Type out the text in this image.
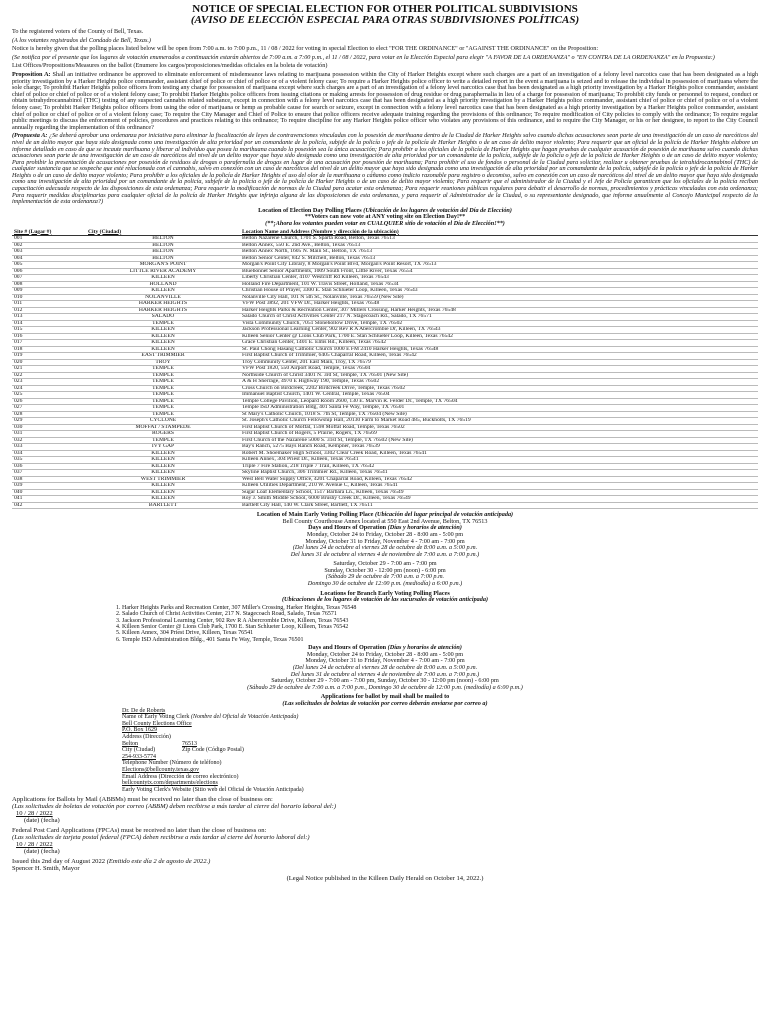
NOTICE OF SPECIAL ELECTION FOR OTHER POLITICAL SUBDIVISIONS
(AVISO DE ELECCIÓN ESPECIAL PARA OTRAS SUBDIVISIONES POLÍTICAS)

To the registered voters of the County of Bell, Texas.

(A los votantes registrados del Condado de Bell, Texas.)

Notice is hereby given that the polling places listed below will be open from 7:00 a.m. to 7:00 p.m., 11 / 08 / 2022 for voting in special Election to elect "FOR THE ORDINANCE" or "AGAINST THE ORDINANCE" on the Proposition:

(Se notifica por el presente que los lugares de votación enumerados a continuación estarán abiertos de 7:00 a.m. a 7:00 p.m., el 11 / 08 / 2022, para votar en la Elección Especial para elegir "A FAVOR DE LA ORDENANZA" o "EN CONTRA DE LA ORDENANZA" en la Propuesta:)

List Offices/Propositions/Measures on the ballot (Enumere los cargos/proposiciones/medidas oficiales en la boleta de votación)

Proposition A: Shall an initiative ordinance be approved to eliminate enforcement of misdemeanor laws relating to marijuana possession within the City of Harker Heights except where such charges are a part of an investigation of a felony level narcotics case that has been designated as a high priority investigation by a Harker Heights police commander, assistant chief of police or chief of police or of a violent felony case; To require a Harker Heights police officer to write a detailed report in the event a marijuana is seized and to release the individual in possession of marijuana where the sole charge; To prohibit Harker Heights police officers from testing any charge for possession of marijuana except where such charges are a part of an investigation of a felony level narcotics case that has been designated as a high priority investigation by a Harker Heights police commander, assistant chief of police or chief of police or of a violent felony case; To prohibit Harker Heights police officers from issuing citations or making arrests for possession of drug residue or drug paraphernalia in lieu of a charge for possession of marijuana; To prohibit city funds or personnel to request, conduct or obtain tetrahydrocannabinol (THC) testing of any suspected cannabis related substance, except in connection with a felony level narcotics case that has been designated as a high priority investigation by a Harker Heights police commander, assistant chief of police or chief of police or of a violent felony case; To prohibit Harker Heights police officers from using the odor of marijuana or hemp as probable cause for search or seizure, except in connection with a felony level narcotics case that has been designated as a high priority investigation by a Harker Heights police commander, assistant chief of police or chief of police or of a violent felony case; To require the City Manager and Chief of Police to ensure that police officers receive adequate training regarding the provisions of this ordinance; To require modification of City policies to comply with the ordinance; To require regular public meetings to discuss the enforcement of policies, procedures and practices relating to this ordinance; To require discipline for any Harker Heights police officer who violates any provisions of this ordinance, and to require the City Manager, or his or her designee, to report to the City Council annually regarding the implementation of this ordinance?

(Propuesta A: ¿Se deberá aprobar una ordenanza por iniciativa para eliminar la fiscalización de leyes de contravenciones vinculadas con la posesión de marihuana dentro de la Ciudad de Harker Heights salvo cuando dichas acusaciones sean parte de una investigación de un caso de narcóticos del nivel de un delito mayor que haya sido designada como una investigación de alta prioridad por un comandante de la policía, subjefe de la policía o jefe de la policía de Harker Heights o de un caso de delito mayor violento; Para requerir que un oficial de la policía de Harker Heights elabore un informe detallado en caso de que se incaute marihuana y liberar al individuo que posea la marihuana cuando la posesión sea la única acusación; Para prohibir a los oficiales de la policía de Harker Heights que hagan pruebas de cualquier acusación de posesión de marihuana salvo cuando dichas acusaciones sean parte de una investigación de un caso de narcóticos del nivel de un delito mayor que haya sido designada como una investigación de alta prioridad por un comandante de la policía, subjefe de la policía o jefe de la policía de Harker Heights o de un caso de delito mayor violento; Para prohibir la presentación de acusaciones por posesión de residuos de drogas o parafernalia de drogas en lugar de una acusación por posesión de marihuana; Para prohibir el uso de fondos o personal de la Ciudad para solicitar, realizar u obtener pruebas de tetrahidrocannabinol (THC) de cualquier sustancia que se sospeche que esté relacionada con el cannabis, salvo en conexión con un caso de narcóticos del nivel de un delito mayor que haya sido designada como una investigación de alta prioridad por un comandante de la policía, subjefe de la policía o jefe de la policía de Harker Heights o de un caso de delito mayor violento; Para prohibir a los oficiales de la policía de Harker Heights el uso del olor de la marihuana o cáñamo como indicio razonable para registro o decomiso, salvo en conexión con un caso de narcóticos del nivel de un delito mayor que haya sido designada como una investigación de alta prioridad por un comandante de la policía, subjefe de la policía o jefe de la policía de Harker Heights o de un caso de delito mayor violento; Para requerir que el administrador de la Ciudad y el Jefe de Policía garanticen que los oficiales de la policía reciban capacitación adecuada respecto de las disposiciones de esta ordenanza; Para requerir la modificación de normas de la Ciudad para acatar esta ordenanza; Para requerir reuniones públicas regulares para debatir el desarrollo de normas, procedimientos y prácticas vinculadas con esta ordenanza; Para requerir medidas disciplinarias para cualquier oficial de la policía de Harker Heights que infrinja alguna de las disposiciones de esta ordenanza, y para requerir al Administrador de la Ciudad, o su representante designado, que informe anualmente al Concejo Municipal respecto de la implementación de esta ordenanza?)

Location of Election Day Polling Places (Ubicación de los lugares de votación del Día de Elección)
**Voters can now vote at ANY voting site on Election Day!**
(**¡Ahora los votantes pueden votar en CUALQUIER sitio de votación el Día de Elección!**)
Site # (Lugar #)	City (Ciudad)	Location Name and Address (Nombre y dirección de la ubicación)
001	BELTON	Belton Nazarene Church, 1701 S. Sparta Road, Belton, Texas 76513
002	BELTON	Belton Annex, 550 E. 2nd Ave., Belton, Texas 76513
003	BELTON	Belton Annex North, 1605 N. Main St., Belton, TX 76513
004	BELTON	Belton Senior Center, 842 S. Mitchell, Belton, Texas 76513
005	MORGAN'S POINT	Morgan's Point City Library, 8 Morgan's Point Blvd, Morgan's Point Resort, TX 76513
006	LITTLE RIVER ACADEMY	Bluebonnet Senior Apartments, 1009 South Front, Little River, Texas 76554
007	KILLEEN	Liberty Christian Center, 4107 Westcliff Rd Killeen, Texas 76543
008	HOLLAND	Holland Fire Department, 101 W. Travis Street, Holland, Texas 76534
009	KILLEEN	Christian House of Prayer, 3300 E. Stan Schlueter Loop, Killeen, Texas 76543
010	NOLANVILLE	Nolanville City Hall, 101 N 5th St., Nolanville, Texas 76559 (New Site)
011	HARKER HEIGHTS	VFW Post 3892, 201 VFW Dr., Harker Heights, Texas 76548
012	HARKER HEIGHTS	Harker Heights Parks & Recreation Center, 307 Millers Crossing, Harker Heights, Texas 76548
013	SALADO	Salado Church of Christ Activities Center 217 N. Stagecoach Rd., Salado, TX 76571
014	TEMPLE	Vista Community Church, 7051 Stonehollow Drive, Temple, TX 76502
015	KILLEEN	Jackson Professional Learning Center, 902 Rev R A Abercrombie Dr, Killeen, TX 76543
016	KILLEEN	Killeen Senior Center @ Lions Club Park, 1700 E. Stan Schlueter Loop, Killeen, Texas 76542
017	KILLEEN	Grace Christian Center, 1401 E. Elms Rd., Killeen, Texas 76542
018	KILLEEN	St. Paul Chong Hasang Catholic Church 1000 E FM 2410 Harker Heights, Texas 76548
019	EAST TRIMMIER	First Baptist Church of Trimmier, 6405 Chaparral Road, Killeen, Texas 76542
020	TROY	Troy Community Center, 201 East Main, Troy, TX 76579
021	TEMPLE	VFW Post 1820, 550 Airport Road, Temple, Texas 76504
022	TEMPLE	Northside Church of Christ 3401 N. 3rd St, Temple, TX 76501 (New Site)
023	TEMPLE	A & H Sherrage, 4970 E Highway 190, Temple, Texas 76502
024	TEMPLE	Cross Church on Birdcreek, 2202 Birdcreek Drive, Temple, Texas 76502
025	TEMPLE	Immanuel Baptist Church, 1401 W. Central, Temple, Texas 76504
026	TEMPLE	Temple College Pavilion, Leopard Room 2600, 130 E. Marvin R. Felder Dr., Temple, TX 76504
027	TEMPLE	Temple ISD Administration Bldg, 401 Santa Fe Way, Temple, TX 76501
028	TEMPLE	St Mary's Catholic Church, 1018 S. 7th St, Temple, TX 76504 (New Site)
029	CYCLONE	St. Joseph's Catholic Church Fellowship Hall, 20130 Farm to Market Road 485, Buckholts, TX 76519
030	MOFFAT / STAMPEDE	First Baptist Church of Moffat, 1598 Moffat Road, Temple, Texas 76502
031	ROGERS	First Baptist Church of Rogers, 5 Prairie, Rogers, TX 76569
032	TEMPLE	First Church of the Nazarene 5000 S. 31st St, Temple, TX 76502 (New Site)
033	IVY GAP	Bay's Ranch, 5275 Bays Ranch Road, Kempner, Texas 76539
034	KILLEEN	Robert M. Shoemaker High School, 3302 Clear Creek Road, Killeen, Texas 76541
035	KILLEEN	Killeen Annex, 304 Priest Dr., Killeen, Texas 76541
036	KILLEEN	Triple 7 Fire Station, 218 Triple 7 Trail, Killeen, TX 76542
037	KILLEEN	Skyline Baptist Church, 306 Trimmier Rd., Killeen, Texas 76541
038	WEST TRIMMIER	West Bell Water Supply Office, 4201 Chaparral Road, Killeen, Texas 76542
039	KILLEEN	Killeen Utilities Department, 210 W. Avenue C, Killeen, Texas 76541
040	KILLEEN	Sugar Loaf Elementary School, 1517 Barbara Ln., Killeen, Texas 76549
041	KILLEEN	Roy J. Smith Middle School, 6000 Brushy Creek Dr., Killeen, Texas 76549
042	BARTLETT	Bartlett City Hall, 140 W. Clark Street, Bartlett, TX 76511
Location of Main Early Voting Polling Place (Ubicación del lugar principal de votación anticipada)
Bell County Courthouse Annex located at 550 East 2nd Avenue, Belton, TX 76513
Days and Hours of Operation (Días y horarios de atención)
Monday, October 24 to Friday, October 28 - 8:00 am - 5:00 pm
Monday, October 31 to Friday, November 4 - 7:00 am - 7:00 pm
(Del lunes 24 de octubre al viernes 28 de octubre de 8:00 a.m. a 5:00 p.m.
Del lunes 31 de octubre al viernes 4 de noviembre de 7:00 a.m. a 7:00 p.m.)
Saturday, October 29 - 7:00 am - 7:00 pm
Sunday, October 30 - 12:00 pm (noon) - 6:00 pm
(Sábado 29 de octubre de 7:00 a.m. a 7:00 p.m.
Domingo 30 de octubre de 12:00 p.m. (mediodía) a 6:00 p.m.)
Locations for Branch Early Voting Polling Places
(Ubicaciones de los lugares de votación de las sucursales de votación anticipada)
1. Harker Heights Parks and Recreation Center, 307 Miller's Crossing, Harker Heights, Texas 76548
2. Salado Church of Christ Activities Center, 217 N. Stagecoach Road, Salado, Texas 76571
3. Jackson Professional Learning Center, 902 Rev R A Abercrombie Drive, Killeen, Texas 76543
4. Killeen Senior Center @ Lions Club Park, 1700 E. Stan Schlueter Loop, Killeen, Texas 76542
5. Killeen Annex, 304 Priest Drive, Killeen, Texas 76541
6. Temple ISD Administration Bldg., 401 Santa Fe Way, Temple, Texas 76501
Days and Hours of Operation (Días y horarios de atención)
Monday, October 24 to Friday, October 28 - 8:00 am - 5:00 pm
Monday, October 31 to Friday, November 4 - 7:00 am - 7:00 pm
(Del lunes 24 de octubre al viernes 28 de octubre de 8:00 a.m. a 5:00 p.m.
Del lunes 31 de octubre al viernes 4 de noviembre de 7:00 a.m. a 7:00 p.m.)
Saturday, October 29 - 7:00 am - 7:00 pm, Sunday, October 30 - 12:00 pm (noon) - 6:00 pm
(Sábado 29 de octubre de 7:00 a.m. a 7:00 p.m., Domingo 30 de octubre de 12:00 p.m. (mediodía) a 6:00 p.m.)
Applications for ballot by mail shall be mailed to
(Las solicitudes de boletas de votación por correo deberán enviarse por correo a)
Dr. De de Roberts
Name of Early Voting Clerk (Nombre del Oficial de Votación Anticipada)
Bell County Elections Office
P.O. Box 1629
Address (Dirección)
Belton	76513
City (Ciudad)	Zip Code (Código Postal)
254-933-5774
Telephone Number (Número de teléfono)
Elections@bellcounty.texas.gov
Email Address (Dirección de correo electrónico)
bellcountytx.com/departments/elections
Early Voting Clerk's Website (Sitio web del Oficial de Votación Anticipada)
Applications for Ballots by Mail (ABBMs) must be received no later than the close of business on:
(Las solicitudes de boletas de votación por correo (ABBM) deben recibirse a más tardar al cierre del horario laboral del:)
10 / 28 / 2022
(date) (fecha)
Federal Post Card Applications (FPCAs) must be received no later than the close of business on:
(Las solicitudes de tarjeta postal federal (FPCA) deben recibirse a más tardar al cierre del horario laboral del:)
10 / 28 / 2022
(date) (fecha)
Issued this 2nd day of August 2022 (Emitido este día 2 de agosto de 2022.)
Spencer H. Smith, Mayor
(Legal Notice published in the Killeen Daily Herald on October 14, 2022.)
